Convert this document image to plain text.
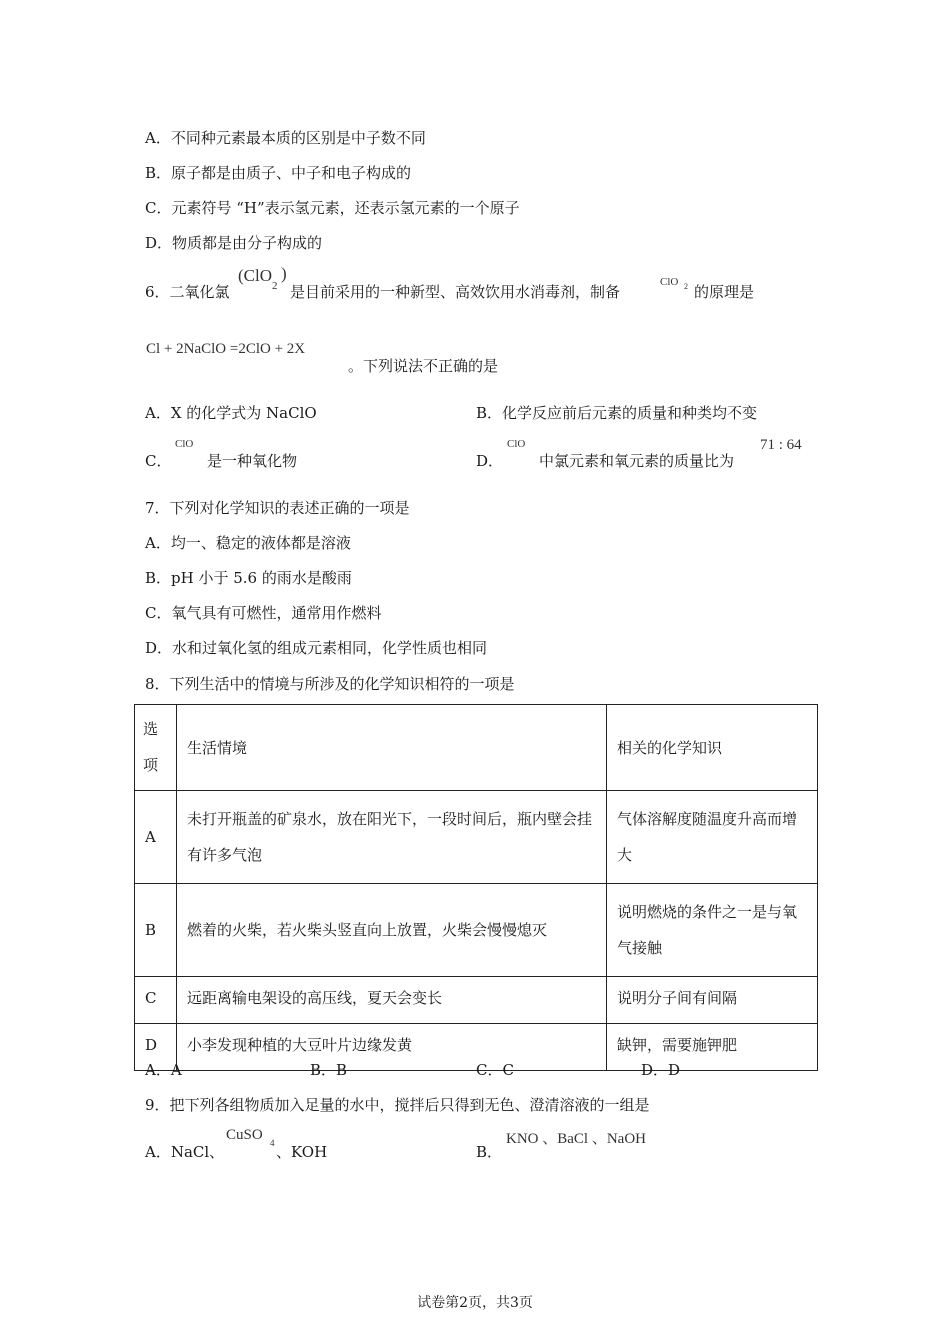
A．不同种元素最本质的区别是中子数不同
B．原子都是由质子、中子和电子构成的
C．元素符号 “H”表示氢元素，还表示氢元素的一个原子
D．物质都是由分子构成的
6．二氧化氯
(ClO
2
)
是目前采用的一种新型、高效饮用水消毒剂，制备
ClO 2 的原理是
Cl + 2NaClO =2ClO + 2X
。下列说法不正确的是
A．X 的化学式为 NaClO	B．化学反应前后元素的质量和种类均不变
C．
ClO
是一种氧化物	D．
ClO
中氯元素和氧元素的质量比为
71 : 64
7．下列对化学知识的表述正确的一项是
A．均一、稳定的液体都是溶液
B．pH 小于 5.6 的雨水是酸雨
C．氧气具有可燃性，通常用作燃料
D．水和过氧化氢的组成元素相同，化学性质也相同
8．下列生活中的情境与所涉及的化学知识相符的一项是
选项	生活情境	相关的化学知识
A	未打开瓶盖的矿泉水，放在阳光下，一段时间后，瓶内壁会挂有许多气泡	气体溶解度随温度升高而增大
B	燃着的火柴，若火柴头竖直向上放置，火柴会慢慢熄灭	说明燃烧的条件之一是与氧气接触
C	远距离输电架设的高压线，夏天会变长	说明分子间有间隔
D	小李发现种植的大豆叶片边缘发黄	缺钾，需要施钾肥
A．A	B．B	C．C	D．D
9．把下列各组物质加入足量的水中，搅拌后只得到无色、澄清溶液的一组是
A．NaCl、
CuSO 4 、KOH	B．
KNO 、BaCl 、NaOH
试卷第2页，共3页
